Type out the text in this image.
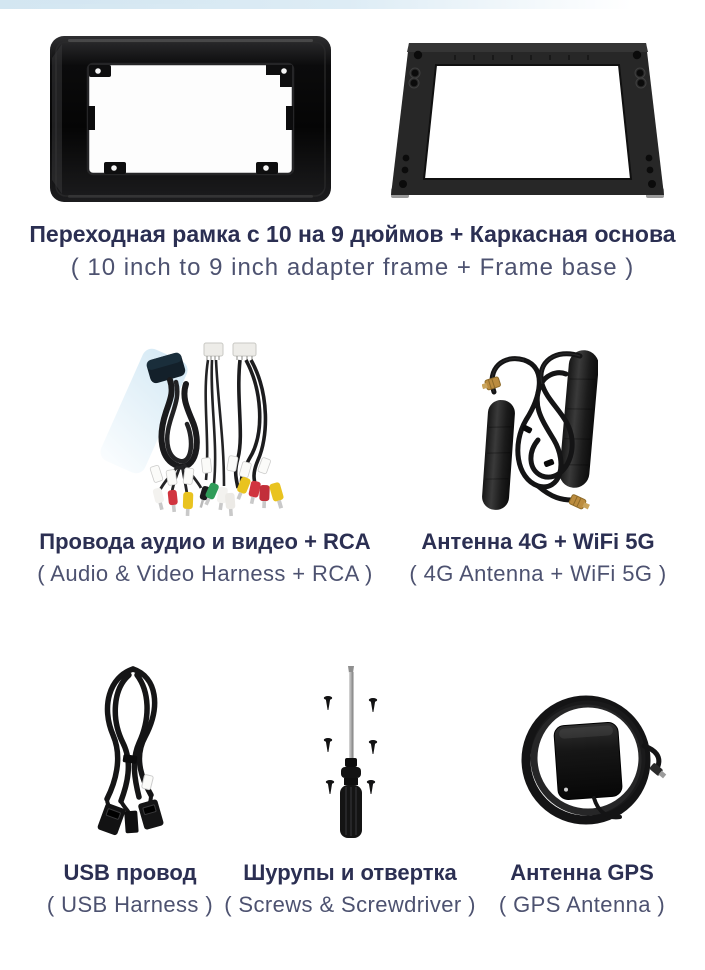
Переходная рамка с 10 на 9 дюймов + Каркасная основа

( 10 inch to 9 inch adapter frame + Frame base )

Провода аудио и видео + RCA

( Audio & Video Harness + RCA )

Антенна 4G + WiFi 5G

( 4G Antenna + WiFi 5G )

USB провод

( USB Harness )

Шурупы и отвертка

( Screws & Screwdriver )

Антенна GPS

( GPS Antenna )
